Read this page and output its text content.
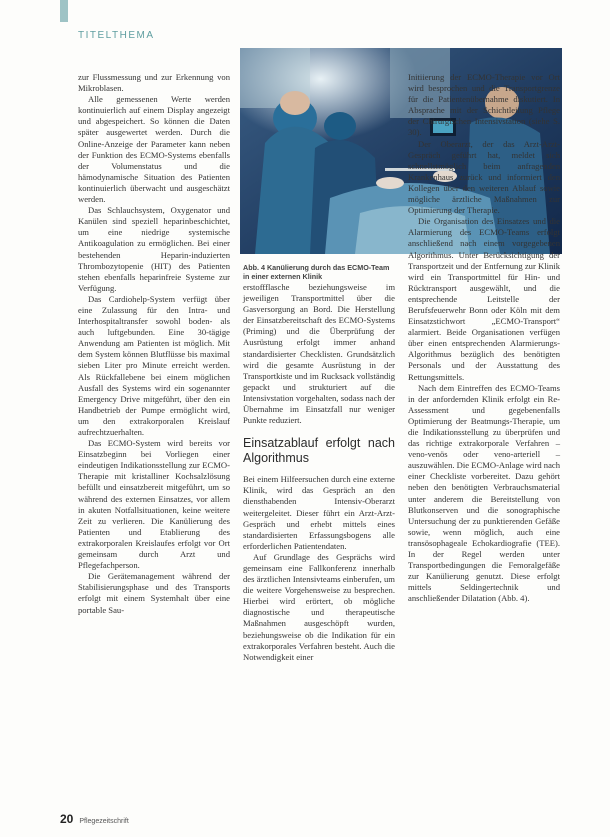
TITELTHEMA
Abb. 4 Kanülierung durch das ECMO-Team in einer externen Klinik

zur Flussmessung und zur Erkennung von Mikroblasen.

Alle gemessenen Werte werden kontinuierlich auf einem Display angezeigt und abgespeichert. So können die Daten später ausgewertet werden. Durch die Online-Anzeige der Parameter kann neben der Funktion des ECMO-Systems ebenfalls der Volumenstatus und die hämodynamische Situation des Patienten kontinuierlich überwacht und ausgeschätzt werden.

Das Schlauchsystem, Oxygenator und Kanülen sind speziell heparinbeschichtet, um eine niedrige systemische Antikoagulation zu ermöglichen. Bei einer bestehenden Heparin-induzierten Thrombozytopenie (HIT) des Patienten stehen ebenfalls heparinfreie Systeme zur Verfügung.

Das Cardiohelp-System verfügt über eine Zulassung für den Intra- und Interhospitaltransfer sowohl boden- als auch luftgebunden. Eine 30-tägige Anwendung am Patienten ist möglich. Mit dem System können Blutflüsse bis maximal sieben Liter pro Minute erreicht werden. Als Rückfallebene bei einem möglichen Ausfall des Systems wird ein sogenannter Emergency Drive mitgeführt, über den ein Handbetrieb der Pumpe ermöglicht wird, um den extrakorporalen Kreislauf aufrechtzuerhalten.

Das ECMO-System wird bereits vor Einsatzbeginn bei Vorliegen einer eindeutigen Indikationsstellung zur ECMO-Therapie mit kristalliner Kochsalzlösung befüllt und einsatzbereit mitgeführt, um so während des externen Einsatzes, vor allem in akuten Notfallsituationen, keine weitere Zeit zu verlieren. Die Kanülierung des Patienten und Etablierung des extrakorporalen Kreislaufes erfolgt vor Ort gemeinsam durch Arzt und Pflegefachperson.

Die Gerätemanagement während der Stabilisierungsphase und des Transports erfolgt mit einem Systemhalt über eine portable Sau-

erstoffflasche beziehungsweise im jeweiligen Transportmittel über die Gasversorgung an Bord. Die Herstellung der Einsatzbereitschaft des ECMO-Systems (Priming) und die Überprüfung der Ausrüstung erfolgt immer anhand standardisierter Checklisten. Grundsätzlich wird die gesamte Ausrüstung in der Transportkiste und im Rucksack vollständig gepackt und strukturiert auf die Intensivstation vorgehalten, sodass nach der Übernahme im Einsatzfall nur weniger Punkte reduziert.

Einsatzablauf erfolgt nach Algorithmus

Bei einem Hilfeersuchen durch eine externe Klinik, wird das Gespräch an den diensthabenden Intensiv-Oberarzt weitergeleitet. Dieser führt ein Arzt-Arzt-Gespräch und erhebt mittels eines standardisierten Erfassungsbogens alle erforderlichen Patientendaten.

Auf Grundlage des Gesprächs wird gemeinsam eine Fallkonferenz innerhalb des ärztlichen Intensivteams einberufen, um die weitere Vorgehensweise zu besprechen. Hierbei wird erörtert, ob mögliche diagnostische und therapeutische Maßnahmen ausgeschöpft wurden, beziehungsweise ob die Indikation für ein extrakorporales Verfahren besteht. Auch die Notwendigkeit einer

Initiierung der ECMO-Therapie vor Ort wird besprochen und die Transportgrenze für die Patientenübernahme diskutiert. In Absprache mit der Schichtleitung Pflege der Chirurgischen Intensivstation (siehe S. 30).

Der Oberarzt, der das Arzt-Arzt-Gespräch geführt hat, meldet sich schnellstmöglich beim anfragenden Krankenhaus zurück und informiert den Kollegen über den weiteren Ablauf sowie mögliche ärztliche Maßnahmen zur Optimierung der Therapie.

Die Organisation des Einsatzes und die Alarmierung des ECMO-Teams erfolgt anschließend nach einem vorgegebenen Algorithmus. Unter Berücksichtigung der Transportzeit und der Entfernung zur Klinik wird ein Transportmittel für Hin- und Rücktransport ausgewählt, und die entsprechende Leitstelle der Berufsfeuerwehr Bonn oder Köln mit dem Einsatzstichwort „ECMO-Transport“ alarmiert. Beide Organisationen verfügen über einen entsprechenden Alarmierungs-Algorithmus bezüglich des benötigten Personals und der Ausstattung des Rettungsmittels.

Nach dem Eintreffen des ECMO-Teams in der anfordernden Klinik erfolgt ein Re-Assessment und gegebenenfalls Optimierung der Beatmungs-Therapie, um die Indikationsstellung zu überprüfen und das richtige extrakorporale Verfahren – veno-venös oder veno-arteriell – auszuwählen. Die ECMO-Anlage wird nach einer Checkliste vorbereitet. Dazu gehört neben den benötigten Verbrauchsmaterial unter anderem die Bereitstellung von Blutkonserven und die sonographische Untersuchung der zu punktierenden Gefäße sowie, wenn möglich, auch eine transösophageale Echokardiografie (TEE). In der Regel werden unter Transportbedingungen die Femoralgefäße zur Kanülierung genutzt. Diese erfolgt mittels Seldingertechnik und anschließender Dilatation (Abb. 4).

20 Pflegezeitschrift
